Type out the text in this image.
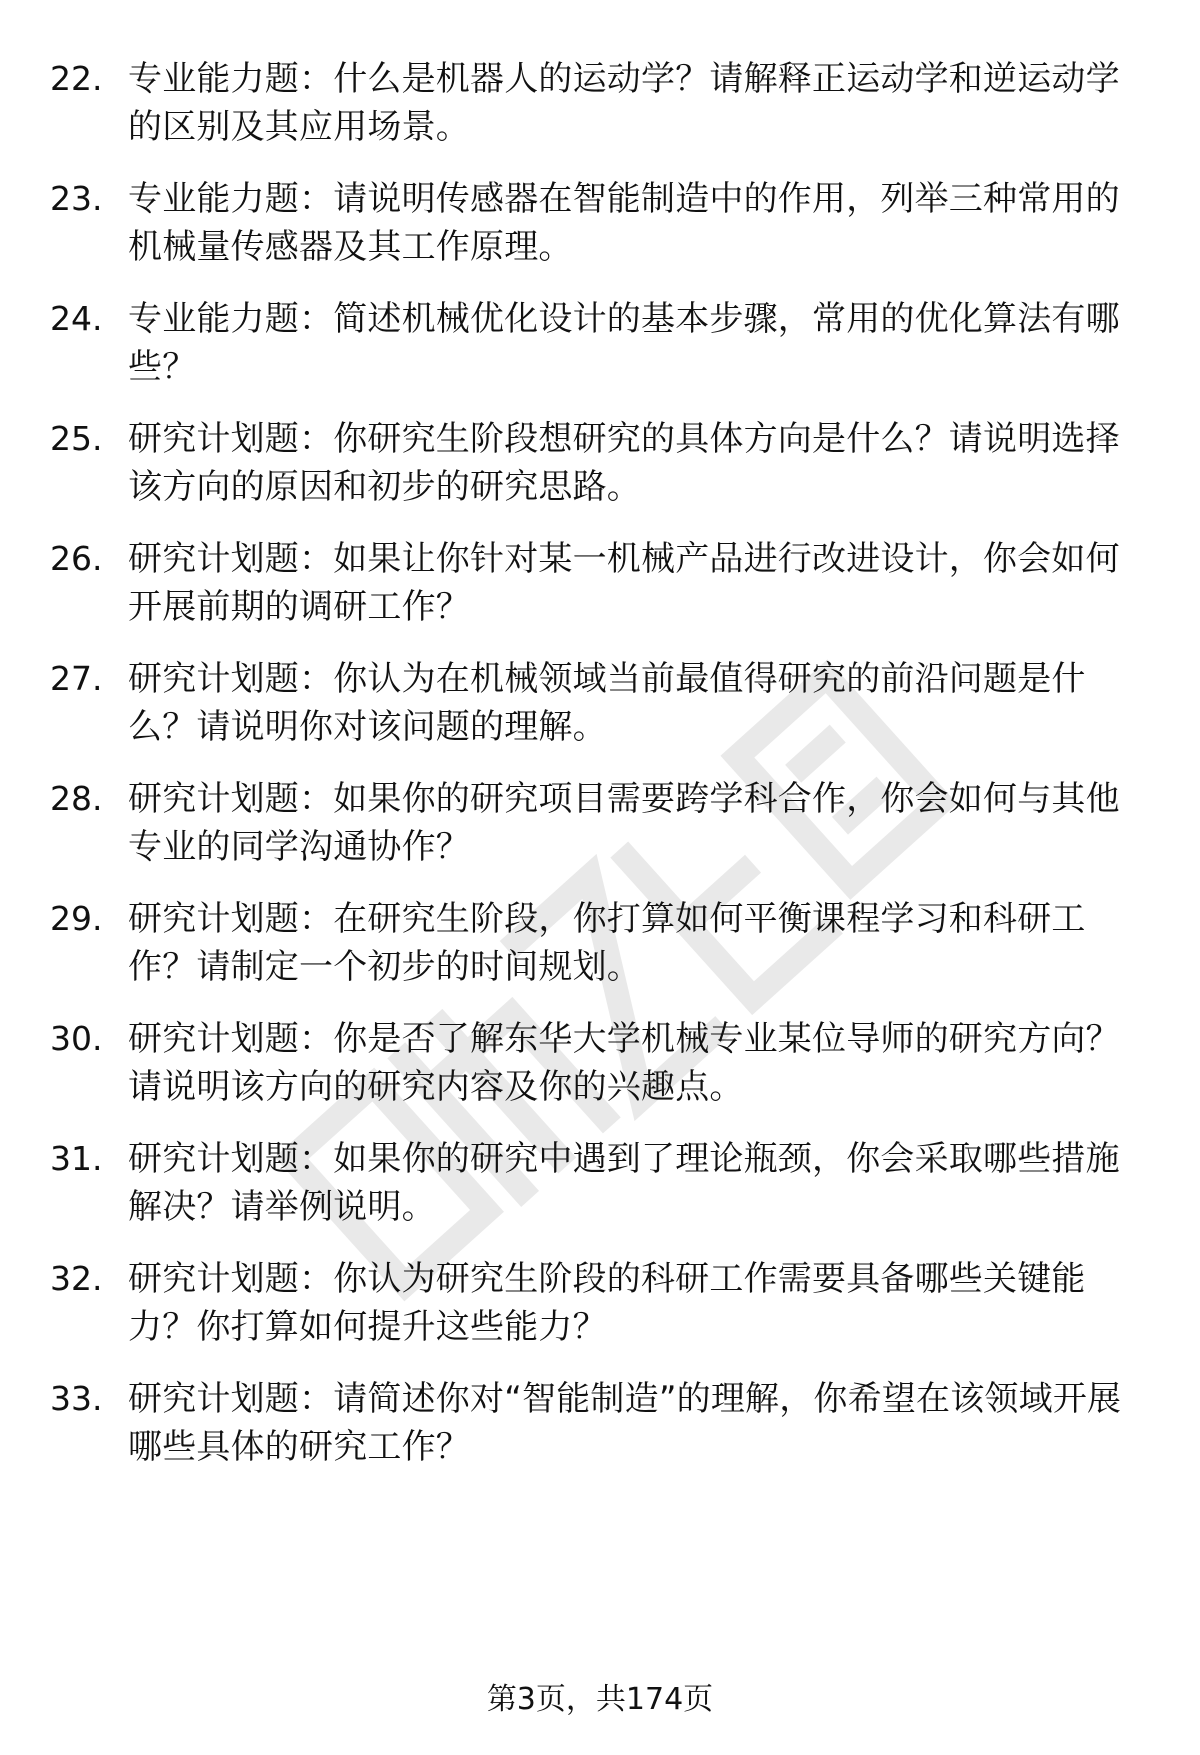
22. 专业能力题：什么是机器人的运动学？请解释正运动学和逆运动学的区别及其应用场景。
23. 专业能力题：请说明传感器在智能制造中的作用，列举三种常用的机械量传感器及其工作原理。
24. 专业能力题：简述机械优化设计的基本步骤，常用的优化算法有哪些？
25. 研究计划题：你研究生阶段想研究的具体方向是什么？请说明选择该方向的原因和初步的研究思路。
26. 研究计划题：如果让你针对某一机械产品进行改进设计，你会如何开展前期的调研工作？
27. 研究计划题：你认为在机械领域当前最值得研究的前沿问题是什么？请说明你对该问题的理解。
28. 研究计划题：如果你的研究项目需要跨学科合作，你会如何与其他专业的同学沟通协作？
29. 研究计划题：在研究生阶段，你打算如何平衡课程学习和科研工作？请制定一个初步的时间规划。
30. 研究计划题：你是否了解东华大学机械专业某位导师的研究方向？请说明该方向的研究内容及你的兴趣点。
31. 研究计划题：如果你的研究中遇到了理论瓶颈，你会采取哪些措施解决？请举例说明。
32. 研究计划题：你认为研究生阶段的科研工作需要具备哪些关键能力？你打算如何提升这些能力？
33. 研究计划题：请简述你对“智能制造”的理解，你希望在该领域开展哪些具体的研究工作？
第3页，共174页
